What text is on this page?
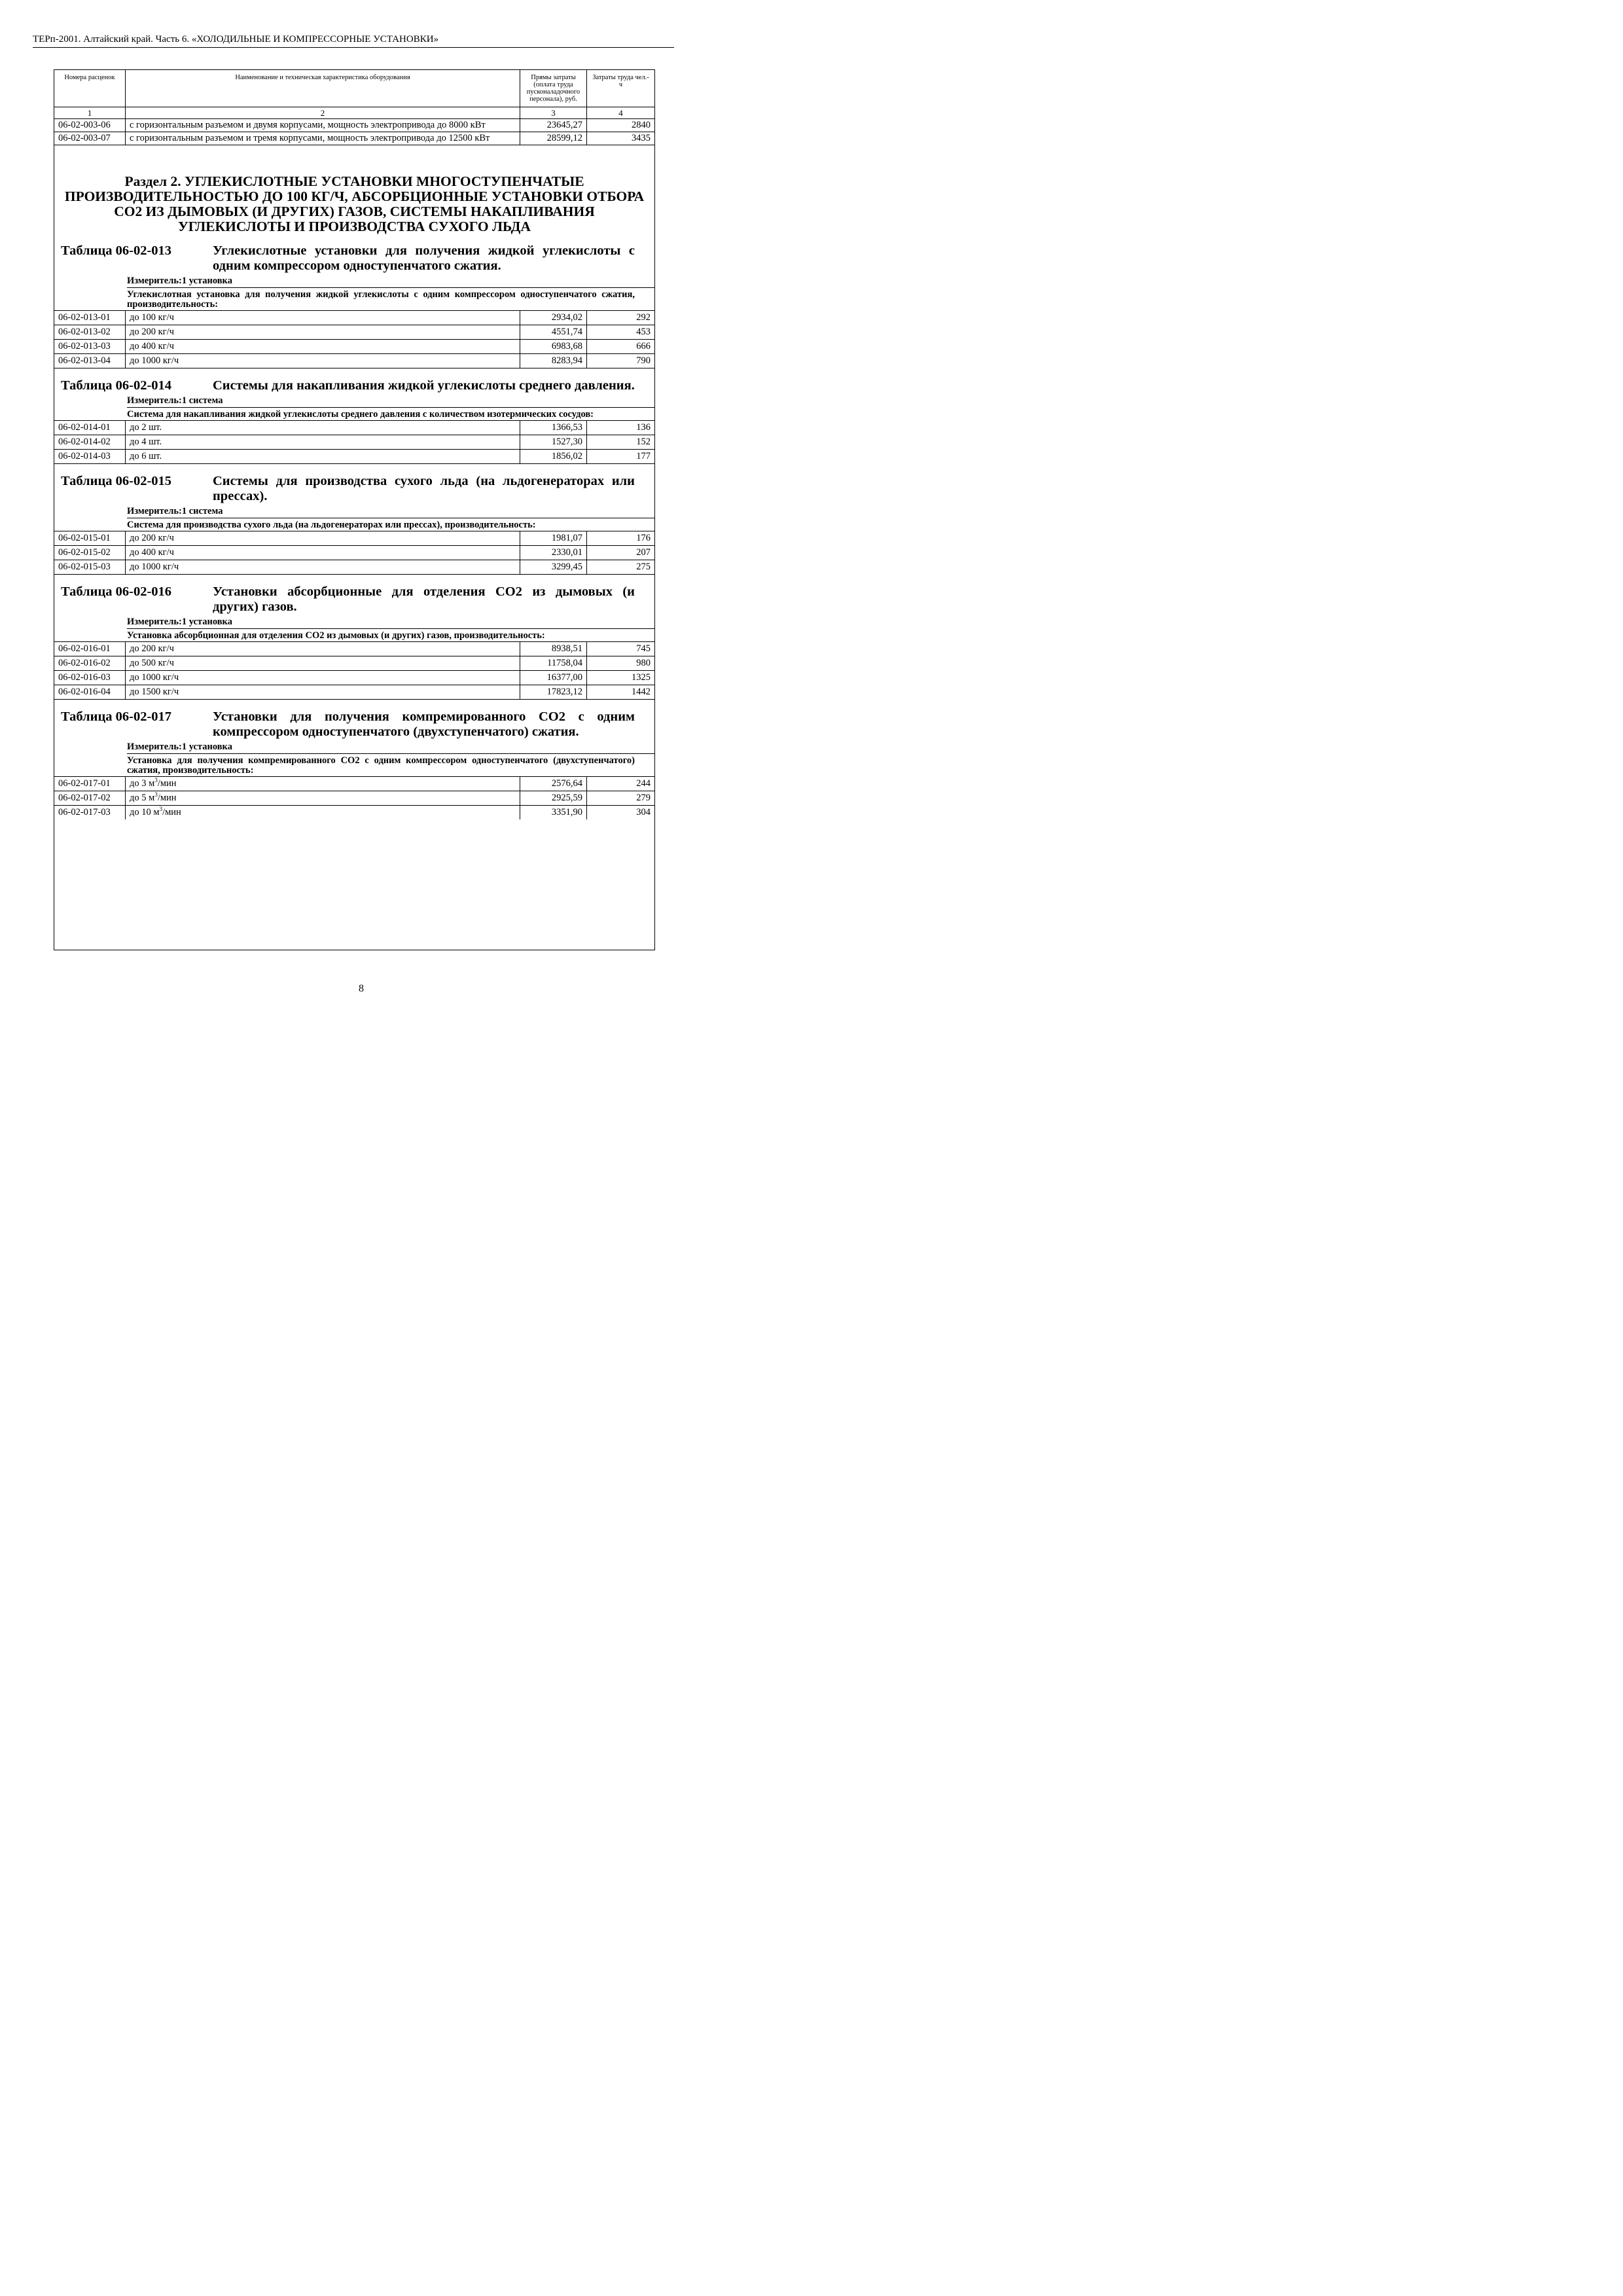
ТЕРп-2001. Алтайский край. Часть 6. «ХОЛОДИЛЬНЫЕ И КОМПРЕССОРНЫЕ УСТАНОВКИ»
Номера расценок	Наименование и техническая характеристика оборудования	Прямы затраты (оплата труда пусконаладочного персонала), руб.	Затраты труда чел.-ч
1	2	3	4
06-02-003-06	с горизонтальным разъемом и двумя корпусами, мощность электропривода до 8000 кВт	23645,27	2840
06-02-003-07	с горизонтальным разъемом и тремя корпусами, мощность электропривода до 12500 кВт	28599,12	3435
Раздел 2. УГЛЕКИСЛОТНЫЕ УСТАНОВКИ МНОГОСТУПЕНЧАТЫЕ ПРОИЗВОДИТЕЛЬНОСТЬЮ ДО 100 КГ/Ч, АБСОРБЦИОННЫЕ УСТАНОВКИ ОТБОРА СО2 ИЗ ДЫМОВЫХ (И ДРУГИХ) ГАЗОВ, СИСТЕМЫ НАКАПЛИВАНИЯ УГЛЕКИСЛОТЫ И ПРОИЗВОДСТВА СУХОГО ЛЬДА
Таблица 06-02-013	Углекислотные установки для получения жидкой углекислоты с одним компрессором одноступенчатого сжатия.
Измеритель:1 установка
Углекислотная установка для получения жидкой углекислоты с одним компрессором одноступенчатого сжатия, производительность:
06-02-013-01	до 100 кг/ч	2934,02	292
06-02-013-02	до 200 кг/ч	4551,74	453
06-02-013-03	до 400 кг/ч	6983,68	666
06-02-013-04	до 1000 кг/ч	8283,94	790
Таблица 06-02-014	Системы для накапливания жидкой углекислоты среднего давления.
Измеритель:1 система
Система для накапливания жидкой углекислоты среднего давления с количеством изотермических сосудов:
06-02-014-01	до 2 шт.	1366,53	136
06-02-014-02	до 4 шт.	1527,30	152
06-02-014-03	до 6 шт.	1856,02	177
Таблица 06-02-015	Системы для производства сухого льда (на льдогенераторах или прессах).
Измеритель:1 система
Система для производства сухого льда (на льдогенераторах или прессах), производительность:
06-02-015-01	до 200 кг/ч	1981,07	176
06-02-015-02	до 400 кг/ч	2330,01	207
06-02-015-03	до 1000 кг/ч	3299,45	275
Таблица 06-02-016	Установки абсорбционные для отделения СО2 из дымовых (и других) газов.
Измеритель:1 установка
Установка абсорбционная для отделения СО2 из дымовых (и других) газов, производительность:
06-02-016-01	до 200 кг/ч	8938,51	745
06-02-016-02	до 500 кг/ч	11758,04	980
06-02-016-03	до 1000 кг/ч	16377,00	1325
06-02-016-04	до 1500 кг/ч	17823,12	1442
Таблица 06-02-017	Установки для получения компремированного СО2 с одним компрессором одноступенчатого (двухступенчатого) сжатия.
Измеритель:1 установка
Установка для получения компремированного СО2 с одним компрессором одноступенчатого (двухступенчатого) сжатия, производительность:
06-02-017-01	до 3 $м^3$/мин	2576,64	244
06-02-017-02	до 5 $м^3$/мин	2925,59	279
06-02-017-03	до 10 $м^3$/мин	3351,90	304
8
